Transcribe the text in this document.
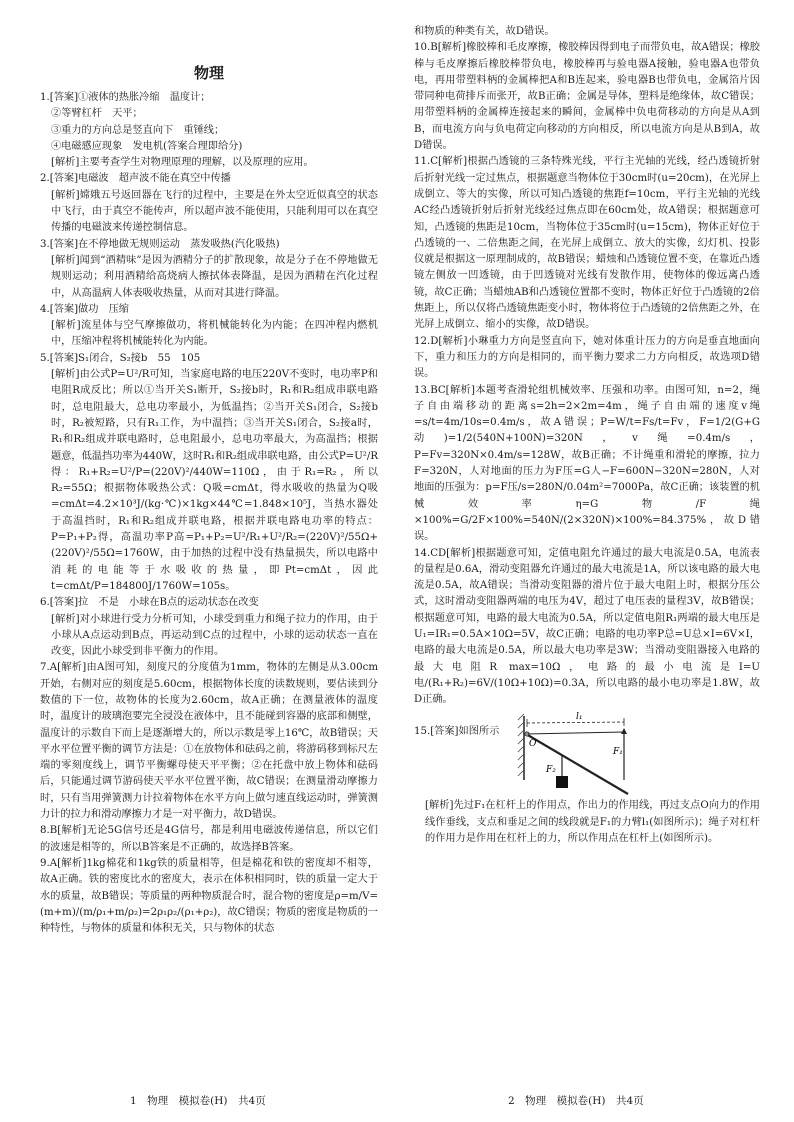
物理

1.[答案]①液体的热胀冷缩　温度计；

②等臂杠杆　天平；

③重力的方向总是竖直向下　重锤线；

④电磁感应现象　发电机(答案合理即给分)

[解析]主要考查学生对物理原理的理解，以及原理的应用。

2.[答案]电磁波　超声波不能在真空中传播

[解析]嫦娥五号返回器在飞行的过程中，主要是在外太空近似真空的状态中飞行，由于真空不能传声，所以超声波不能使用，只能利用可以在真空传播的电磁波来传递控制信息。

3.[答案]在不停地做无规则运动　蒸发吸热(汽化吸热)

[解析]闻到“酒精味”是因为酒精分子的扩散现象，故是分子在不停地做无规则运动；利用酒精给高烧病人擦拭体表降温，是因为酒精在汽化过程中，从高温病人体表吸收热量，从而对其进行降温。

4.[答案]做功　压缩

[解析]流星体与空气摩擦做功，将机械能转化为内能；在四冲程内燃机中，压缩冲程将机械能转化为内能。

5.[答案]S₁闭合，S₂接b　55　105

[解析]由公式P=U²/R可知，当家庭电路的电压220V不变时，电功率P和电阻R成反比；所以①当开关S₁断开，S₂接b时，R₁和R₂组成串联电路时，总电阻最大，总电功率最小，为低温挡；②当开关S₁闭合，S₂接b时，R₂被短路，只有R₁工作，为中温挡；③当开关S₁闭合，S₂接a时，R₁和R₂组成并联电路时，总电阻最小，总电功率最大，为高温挡；根据题意，低温挡功率为440W，这时R₁和R₂组成串联电路，由公式P=U²/R得：R₁+R₂=U²/P=(220V)²/440W=110Ω，由于R₁=R₂，所以R₂=55Ω；根据物体吸热公式：Q吸=cmΔt，得水吸收的热量为Q吸=cmΔt=4.2×10³J/(kg·℃)×1kg×44℃=1.848×10⁵J，当热水器处于高温挡时，R₁和R₂组成并联电路，根据并联电路电功率的特点：P=P₁+P₂得，高温功率P高=P₁+P₂=U²/R₁+U²/R₂=(220V)²/55Ω+(220V)²/55Ω=1760W，由于加热的过程中没有热量损失，所以电路中消耗的电能等于水吸收的热量，即Pt=cmΔt，因此t=cmΔt/P=184800J/1760W=105s。

6.[答案]拉　不是　小球在B点的运动状态在改变

[解析]对小球进行受力分析可知，小球受到重力和绳子拉力的作用，由于小球从A点运动到B点，再运动到C点的过程中，小球的运动状态一直在改变，因此小球受到非平衡力的作用。

7.A[解析]由A图可知，刻度尺的分度值为1mm，物体的左侧是从3.00cm开始，右侧对应的刻度是5.60cm，根据物体长度的读数规则，要估读到分数值的下一位，故物体的长度为2.60cm，故A正确；在测量液体的温度时，温度计的玻璃泡要完全浸没在液体中，且不能碰到容器的底部和侧壁，温度计的示数自下而上是逐渐增大的，所以示数是零上16℃，故B错误；天平水平位置平衡的调节方法是：①在放物体和砝码之前，将游码移到标尺左端的零刻度线上，调节平衡螺母使天平平衡；②在托盘中放上物体和砝码后，只能通过调节游码使天平水平位置平衡，故C错误；在测量滑动摩擦力时，只有当用弹簧测力计拉着物体在水平方向上做匀速直线运动时，弹簧测力计的拉力和滑动摩擦力才是一对平衡力，故D错误。

8.B[解析]无论5G信号还是4G信号，都是利用电磁波传递信息，所以它们的波速是相等的，所以B答案是不正确的，故选择B答案。

9.A[解析]1kg棉花和1kg铁的质量相等，但是棉花和铁的密度却不相等，故A正确。铁的密度比水的密度大，表示在体积相同时，铁的质量一定大于水的质量，故B错误；等质量的两种物质混合时，混合物的密度是ρ=m/V=(m+m)/(m/ρ₁+m/ρ₂)=2ρ₁ρ₂/(ρ₁+ρ₂)，故C错误；物质的密度是物质的一种特性，与物体的质量和体积无关，只与物体的状态

和物质的种类有关，故D错误。

10.B[解析]橡胶棒和毛皮摩擦，橡胶棒因得到电子而带负电，故A错误；橡胶棒与毛皮摩擦后橡胶棒带负电，橡胶棒再与验电器A接触，验电器A也带负电，再用带塑料柄的金属棒把A和B连起来，验电器B也带负电，金属箔片因带同种电荷排斥而张开，故B正确；金属是导体，塑料是绝缘体，故C错误；用带塑料柄的金属棒连接起来的瞬间，金属棒中负电荷移动的方向是从A到B，而电流方向与负电荷定向移动的方向相反，所以电流方向是从B到A，故D错误。

11.C[解析]根据凸透镜的三条特殊光线，平行主光轴的光线，经凸透镜折射后折射光线一定过焦点，根据题意当物体位于30cm时(u=20cm)，在光屏上成倒立、等大的实像，所以可知凸透镜的焦距f=10cm，平行主光轴的光线AC经凸透镜折射后折射光线经过焦点即在60cm处，故A错误；根据题意可知，凸透镜的焦距是10cm，当物体位于35cm时(u=15cm)，物体正好位于凸透镜的一、二倍焦距之间，在光屏上成倒立、放大的实像，幻灯机、投影仪就是根据这一原理制成的，故B错误；蜡烛和凸透镜位置不变，在靠近凸透镜左侧放一凹透镜，由于凹透镜对光线有发散作用，使物体的像远离凸透镜，故C正确；当蜡烛AB和凸透镜位置都不变时，物体正好位于凸透镜的2倍焦距上，所以仅将凸透镜焦距变小时，物体将位于凸透镜的2倍焦距之外，在光屏上成倒立、缩小的实像，故D错误。

12.D[解析]小琳重力方向是竖直向下，她对体重计压力的方向是垂直地面向下，重力和压力的方向是相同的，而平衡力要求二力方向相反，故选项D错误。

13.BC[解析]本题考查滑轮组机械效率、压强和功率。由图可知，n=2，绳子自由端移动的距离s=2h=2×2m=4m，绳子自由端的速度v绳=s/t=4m/10s=0.4m/s，故A错误；P=W/t=Fs/t=Fv，F=1/2(G+G动)=1/2(540N+100N)=320N，v绳=0.4m/s，P=Fv=320N×0.4m/s=128W，故B正确；不计绳重和滑轮的摩擦，拉力F=320N，人对地面的压力为F压=G人−F=600N−320N=280N，人对地面的压强为：p=F压/s=280N/0.04m²=7000Pa，故C正确；该装置的机械效率η=G物/F绳×100%=G/2F×100%=540N/(2×320N)×100%=84.375%，故D错误。

14.CD[解析]根据题意可知，定值电阻允许通过的最大电流是0.5A，电流表的量程是0.6A，滑动变阻器允许通过的最大电流是1A，所以该电路的最大电流是0.5A，故A错误；当滑动变阻器的滑片位于最大电阻上时，根据分压公式，这时滑动变阻器两端的电压为4V，超过了电压表的量程3V，故B错误；根据题意可知，电路的最大电流为0.5A，所以定值电阻R₁两端的最大电压是U₁=IR₁=0.5A×10Ω=5V，故C正确；电路的电功率P总=U总×I=6V×I，电路的最大电流是0.5A，所以最大电功率是3W；当滑动变阻器接入电路的最大电阻R max=10Ω，电路的最小电流是I=U电/(R₁+R₂)=6V/(10Ω+10Ω)=0.3A，所以电路的最小电功率是1.8W，故D正确。

15.[答案]如图所示
l₁
O
F₁
F₂

[解析]先过F₁在杠杆上的作用点，作出力的作用线，再过支点O向力的作用线作垂线，支点和垂足之间的线段就是F₁的力臂l₁(如图所示)；绳子对杠杆的作用力是作用在杠杆上的力，所以作用点在杠杆上(如图所示)。

1　物理　模拟卷(H)　共4页	2　物理　模拟卷(H)　共4页
